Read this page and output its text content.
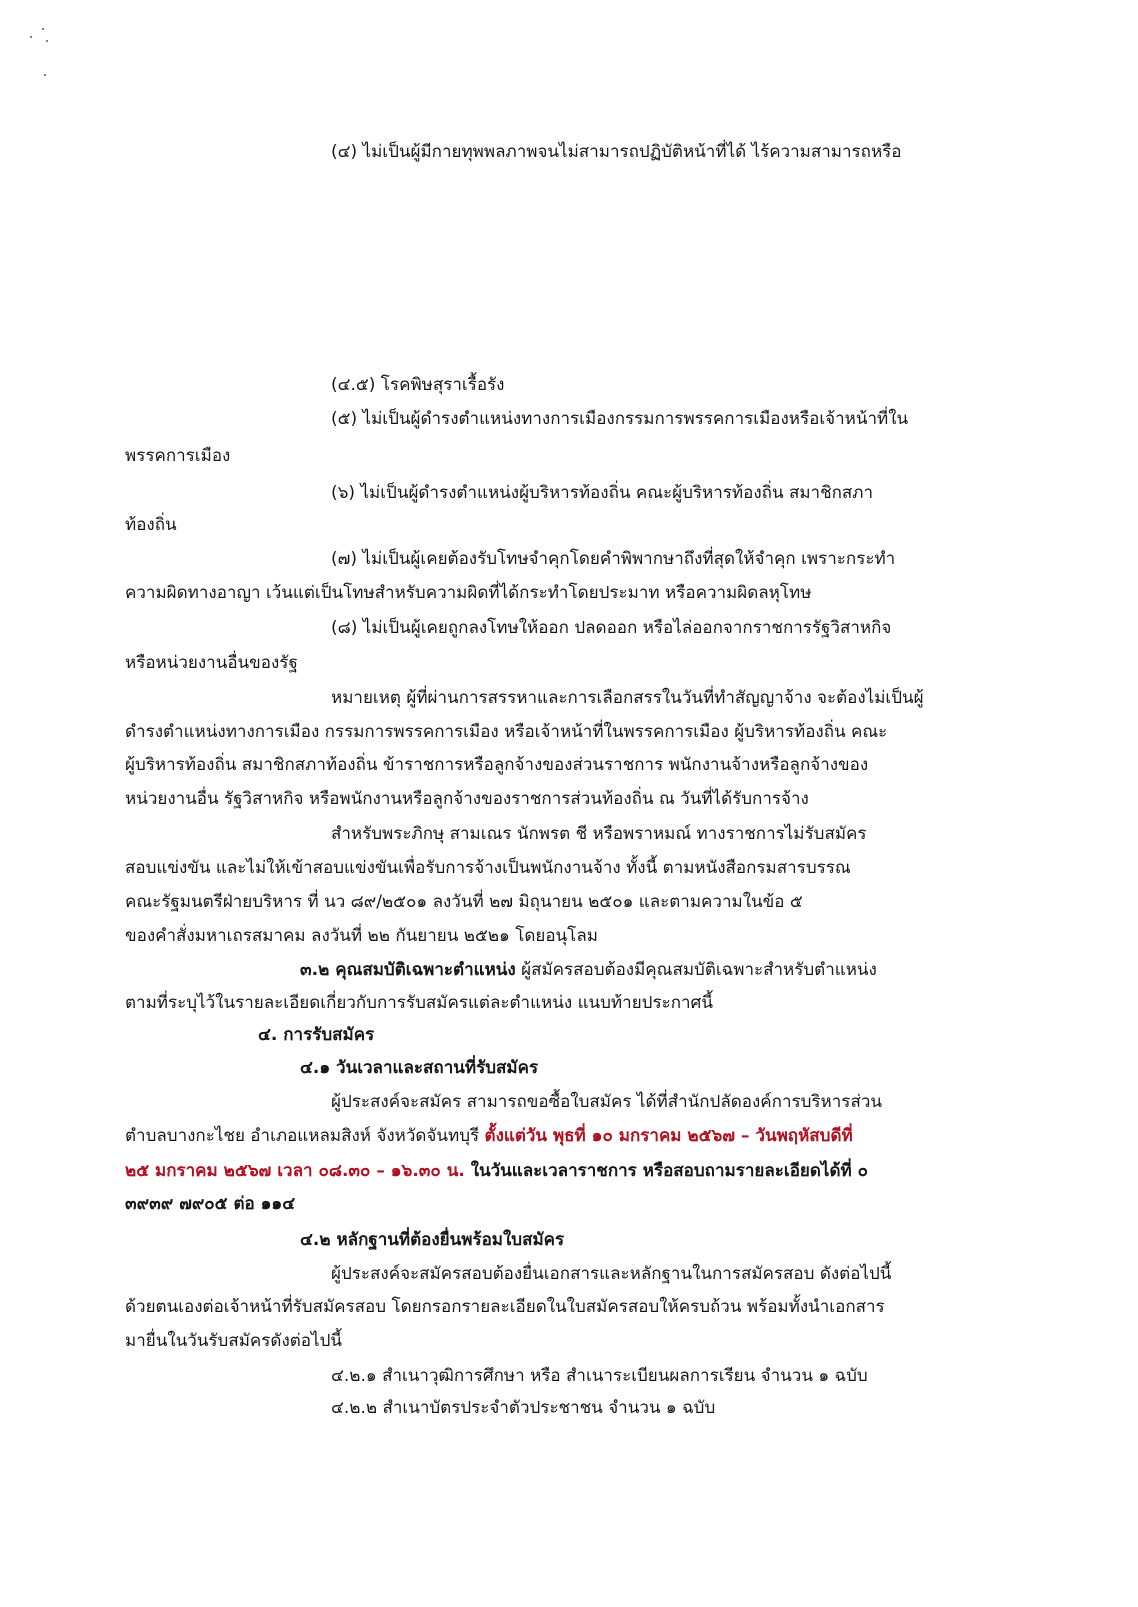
(๔) ไม่เป็นผู้มีกายทุพพลภาพจนไม่สามารถปฏิบัติหน้าที่ได้ ไร้ความสามารถหรือ
(๔.๕) โรคพิษสุราเรื้อรัง
(๕) ไม่เป็นผู้ดำรงตำแหน่งทางการเมืองกรรมการพรรคการเมืองหรือเจ้าหน้าที่ใน
พรรคการเมือง
(๖) ไม่เป็นผู้ดำรงตำแหน่งผู้บริหารท้องถิ่น คณะผู้บริหารท้องถิ่น สมาชิกสภา
ท้องถิ่น
(๗) ไม่เป็นผู้เคยต้องรับโทษจำคุกโดยคำพิพากษาถึงที่สุดให้จำคุก เพราะกระทำ
ความผิดทางอาญา เว้นแต่เป็นโทษสำหรับความผิดที่ได้กระทำโดยประมาท หรือความผิดลหุโทษ
(๘) ไม่เป็นผู้เคยถูกลงโทษให้ออก ปลดออก หรือไล่ออกจากราชการรัฐวิสาหกิจ
หรือหน่วยงานอื่นของรัฐ
หมายเหตุ ผู้ที่ผ่านการสรรหาและการเลือกสรรในวันที่ทำสัญญาจ้าง จะต้องไม่เป็นผู้
ดำรงตำแหน่งทางการเมือง กรรมการพรรคการเมือง หรือเจ้าหน้าที่ในพรรคการเมือง ผู้บริหารท้องถิ่น คณะ
ผู้บริหารท้องถิ่น สมาชิกสภาท้องถิ่น ข้าราชการหรือลูกจ้างของส่วนราชการ พนักงานจ้างหรือลูกจ้างของ
หน่วยงานอื่น รัฐวิสาหกิจ หรือพนักงานหรือลูกจ้างของราชการส่วนท้องถิ่น ณ วันที่ได้รับการจ้าง
สำหรับพระภิกษุ สามเณร นักพรต ชี หรือพราหมณ์ ทางราชการไม่รับสมัคร
สอบแข่งขัน และไม่ให้เข้าสอบแข่งขันเพื่อรับการจ้างเป็นพนักงานจ้าง ทั้งนี้ ตามหนังสือกรมสารบรรณ
คณะรัฐมนตรีฝ่ายบริหาร ที่ นว ๘๙/๒๕๐๑ ลงวันที่ ๒๗ มิถุนายน ๒๕๐๑ และตามความในข้อ ๕
ของคำสั่งมหาเถรสมาคม ลงวันที่ ๒๒ กันยายน ๒๕๒๑ โดยอนุโลม
๓.๒ คุณสมบัติเฉพาะตำแหน่ง ผู้สมัครสอบต้องมีคุณสมบัติเฉพาะสำหรับตำแหน่ง
ตามที่ระบุไว้ในรายละเอียดเกี่ยวกับการรับสมัครแต่ละตำแหน่ง แนบท้ายประกาศนี้
๔. การรับสมัคร
๔.๑ วันเวลาและสถานที่รับสมัคร
ผู้ประสงค์จะสมัคร สามารถขอซื้อใบสมัคร ได้ที่สำนักปลัดองค์การบริหารส่วน
ตำบลบางกะไชย อำเภอแหลมสิงห์ จังหวัดจันทบุรี ตั้งแต่วัน พุธที่ ๑๐ มกราคม ๒๕๖๗ – วันพฤหัสบดีที่
๒๕ มกราคม ๒๕๖๗ เวลา ๐๘.๓๐ – ๑๖.๓๐ น. ในวันและเวลาราชการ หรือสอบถามรายละเอียดได้ที่ ๐
๓๙๓๙ ๗๙๐๕ ต่อ ๑๑๔
๔.๒ หลักฐานที่ต้องยื่นพร้อมใบสมัคร
ผู้ประสงค์จะสมัครสอบต้องยื่นเอกสารและหลักฐานในการสมัครสอบ ดังต่อไปนี้
ด้วยตนเองต่อเจ้าหน้าที่รับสมัครสอบ โดยกรอกรายละเอียดในใบสมัครสอบให้ครบถ้วน พร้อมทั้งนำเอกสาร
มายื่นในวันรับสมัครดังต่อไปนี้
๔.๒.๑ สำเนาวุฒิการศึกษา หรือ สำเนาระเบียนผลการเรียน จำนวน ๑ ฉบับ
๔.๒.๒ สำเนาบัตรประจำตัวประชาชน จำนวน ๑ ฉบับ
